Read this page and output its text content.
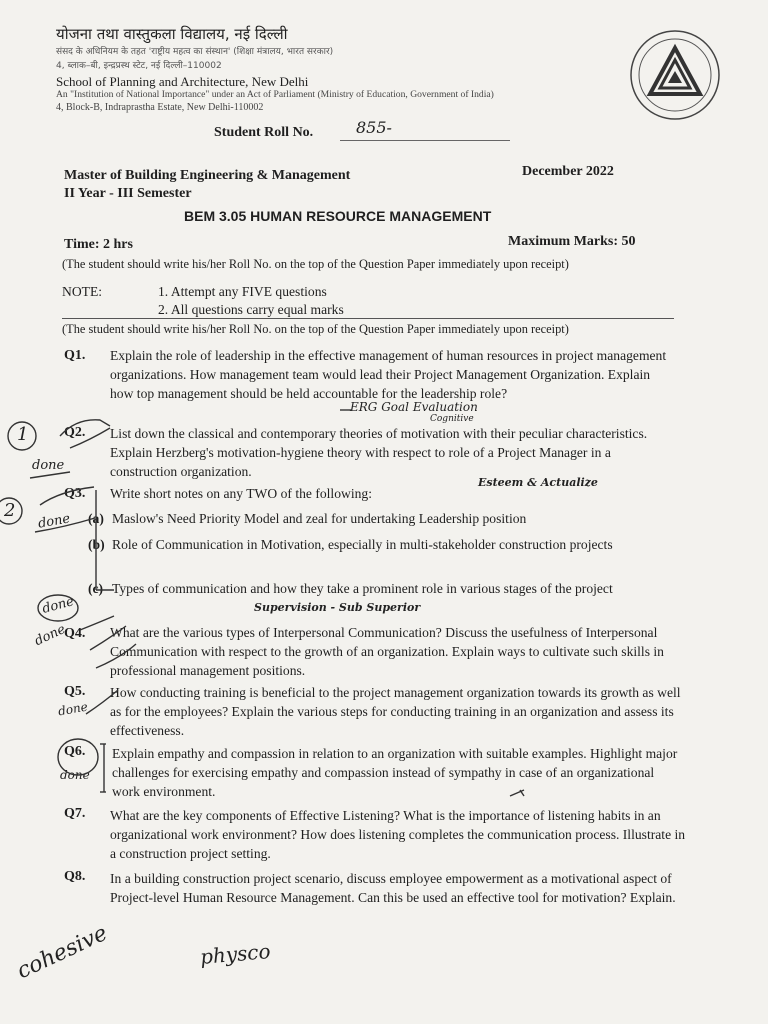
योजना तथा वास्तुकला विद्यालय, नई दिल्ली
संसद के अधिनियम के तहत 'राष्ट्रीय महत्व का संस्थान' (शिक्षा मंत्रालय, भारत सरकार)
4, ब्लाक–बी, इन्द्रप्रस्थ स्टेट, नई दिल्ली–110002
School of Planning and Architecture, New Delhi
An "Institution of National Importance" under an Act of Parliament (Ministry of Education, Government of India)
4, Block-B, Indraprastha Estate, New Delhi-110002
Student Roll No.	855-
Master of Building Engineering & Management
II Year - III Semester
December 2022
BEM 3.05 HUMAN RESOURCE MANAGEMENT
Time: 2 hrs	Maximum Marks: 50
(The student should write his/her Roll No. on the top of the Question Paper immediately upon receipt)
NOTE:	1. Attempt any FIVE questions
2. All questions carry equal marks
(The student should write his/her Roll No. on the top of the Question Paper immediately upon receipt)
Q1. Explain the role of leadership in the effective management of human resources in project management organizations. How management team would lead their Project Management Organization. Explain how top management should be held accountable for the leadership role?
Q2. List down the classical and contemporary theories of motivation with their peculiar characteristics. Explain Herzberg's motivation-hygiene theory with respect to role of a Project Manager in a construction organization.
Q3. Write short notes on any TWO of the following:
(a) Maslow's Need Priority Model and zeal for undertaking Leadership position
(b) Role of Communication in Motivation, especially in multi-stakeholder construction projects
(c) Types of communication and how they take a prominent role in various stages of the project
Q4. What are the various types of Interpersonal Communication? Discuss the usefulness of Interpersonal Communication with respect to the growth of an organization. Explain ways to cultivate such skills in professional management positions.
Q5. How conducting training is beneficial to the project management organization towards its growth as well as for the employees? Explain the various steps for conducting training in an organization and assess its effectiveness.
Q6. Explain empathy and compassion in relation to an organization with suitable examples. Highlight major challenges for exercising empathy and compassion instead of sympathy in case of an organizational work environment.
Q7. What are the key components of Effective Listening? What is the importance of listening habits in an organizational work environment? How does listening completes the communication process. Illustrate in a construction project setting.
Q8. In a building construction project scenario, discuss employee empowerment as a motivational aspect of Project-level Human Resource Management. Can this be used an effective tool for motivation? Explain.
ERG Goal Evaluation
Cognitive
Esteem & Actualize
Supervision - Sub Superior
1
2
done
done
done
done
done
done
cohesive	physco
